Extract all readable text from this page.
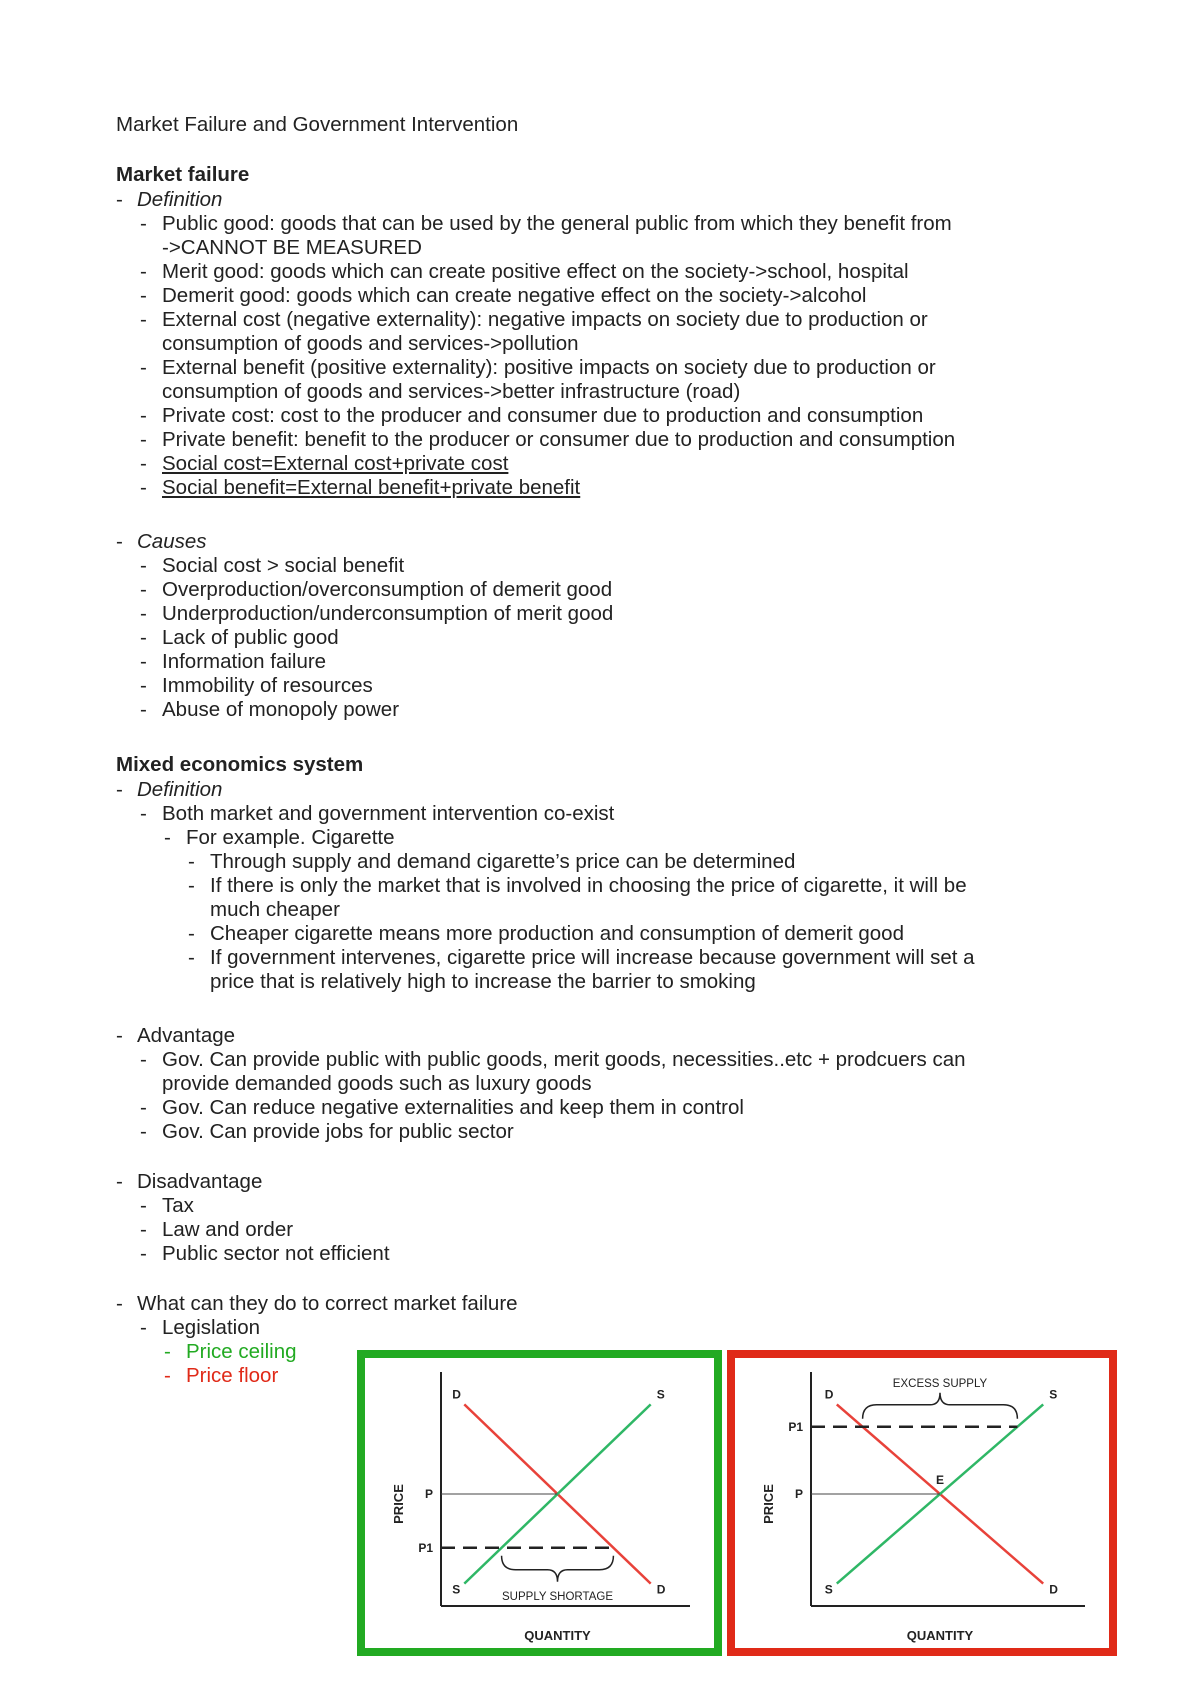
Market Failure and Government Intervention
Market failure
- Definition
- Public good: goods that can be used by the general public from which they benefit from
->CANNOT BE MEASURED
- Merit good: goods which can create positive effect on the society->school, hospital
- Demerit good: goods which can create negative effect on the society->alcohol
- External cost (negative externality): negative impacts on society due to production or
consumption of goods and services->pollution
- External benefit (positive externality): positive impacts on society due to production or
consumption of goods and services->better infrastructure (road)
- Private cost: cost to the producer and consumer due to production and consumption
- Private benefit: benefit to the producer or consumer due to production and consumption
- Social cost=External cost+private cost
- Social benefit=External benefit+private benefit
- Causes
- Social cost > social benefit
- Overproduction/overconsumption of demerit good
- Underproduction/underconsumption of merit good
- Lack of public good
- Information failure
- Immobility of resources
- Abuse of monopoly power
Mixed economics system
- Definition
- Both market and government intervention co-exist
- For example. Cigarette
- Through supply and demand cigarette’s price can be determined
- If there is only the market that is involved in choosing the price of cigarette, it will be
much cheaper
- Cheaper cigarette means more production and consumption of demerit good
- If government intervenes, cigarette price will increase because government will set a
price that is relatively high to increase the barrier to smoking
- Advantage
- Gov. Can provide public with public goods, merit goods, necessities..etc + prodcuers can
provide demanded goods such as luxury goods
- Gov. Can reduce negative externalities and keep them in control
- Gov. Can provide jobs for public sector
- Disadvantage
- Tax
- Law and order
- Public sector not efficient
- What can they do to correct market failure
- Legislation
- Price ceiling
- Price floor
QUANTITY
PRICE
D
D
S
S
P
P1
SUPPLY SHORTAGE
QUANTITY
PRICE
D
D
S
S
P1
P
E
EXCESS SUPPLY
